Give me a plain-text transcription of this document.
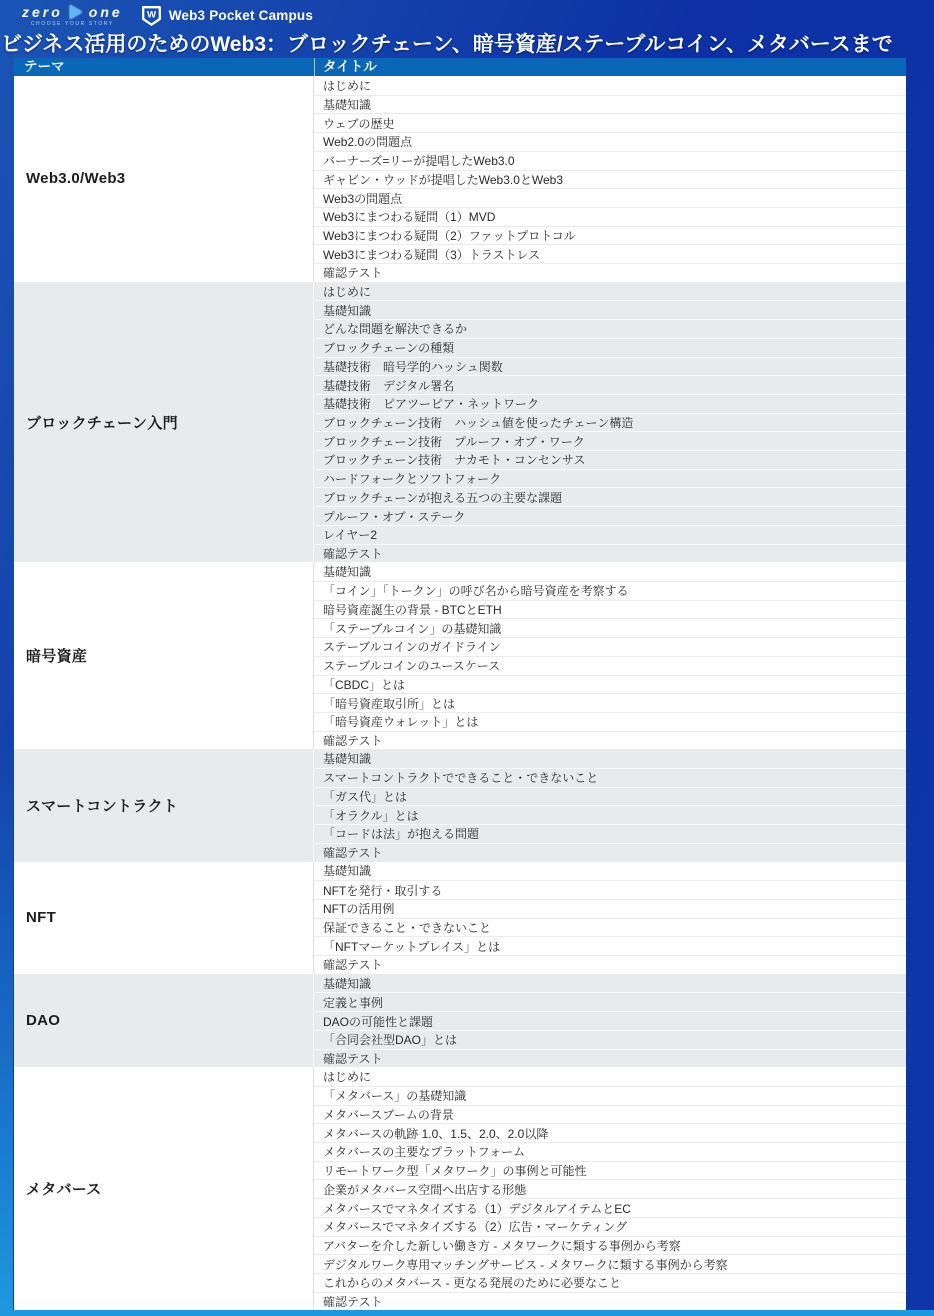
zero one
CHOOSE YOUR STORY
W Web3 Pocket Campus
ビジネス活用のためのWeb3：ブロックチェーン、暗号資産/ステーブルコイン、メタバースまで
テーマ	タイトル
Web3.0/Web3
はじめに
基礎知識
ウェブの歴史
Web2.0の問題点
バーナーズ=リーが提唱したWeb3.0
ギャビン・ウッドが提唱したWeb3.0とWeb3
Web3の問題点
Web3にまつわる疑問（1）MVD
Web3にまつわる疑問（2）ファットプロトコル
Web3にまつわる疑問（3）トラストレス
確認テスト
ブロックチェーン入門
はじめに
基礎知識
どんな問題を解決できるか
ブロックチェーンの種類
基礎技術　暗号学的ハッシュ関数
基礎技術　デジタル署名
基礎技術　ピアツーピア・ネットワーク
ブロックチェーン技術　ハッシュ値を使ったチェーン構造
ブロックチェーン技術　プルーフ・オブ・ワーク
ブロックチェーン技術　ナカモト・コンセンサス
ハードフォークとソフトフォーク
ブロックチェーンが抱える五つの主要な課題
プルーフ・オブ・ステーク
レイヤー2
確認テスト
暗号資産
基礎知識
「コイン」「トークン」の呼び名から暗号資産を考察する
暗号資産誕生の背景 - BTCとETH
「ステーブルコイン」の基礎知識
ステーブルコインのガイドライン
ステーブルコインのユースケース
「CBDC」とは
「暗号資産取引所」とは
「暗号資産ウォレット」とは
確認テスト
スマートコントラクト
基礎知識
スマートコントラクトでできること・できないこと
「ガス代」とは
「オラクル」とは
「コードは法」が抱える問題
確認テスト
NFT
基礎知識
NFTを発行・取引する
NFTの活用例
保証できること・できないこと
「NFTマーケットプレイス」とは
確認テスト
DAO
基礎知識
定義と事例
DAOの可能性と課題
「合同会社型DAO」とは
確認テスト
メタバース
はじめに
「メタバース」の基礎知識
メタバースブームの背景
メタバースの軌跡 1.0、1.5、2.0、2.0以降
メタバースの主要なプラットフォーム
リモートワーク型「メタワーク」の事例と可能性
企業がメタバース空間へ出店する形態
メタバースでマネタイズする（1）デジタルアイテムとEC
メタバースでマネタイズする（2）広告・マーケティング
アバターを介した新しい働き方 - メタワークに類する事例から考察
デジタルワーク専用マッチングサービス - メタワークに類する事例から考察
これからのメタバース - 更なる発展のために必要なこと
確認テスト
